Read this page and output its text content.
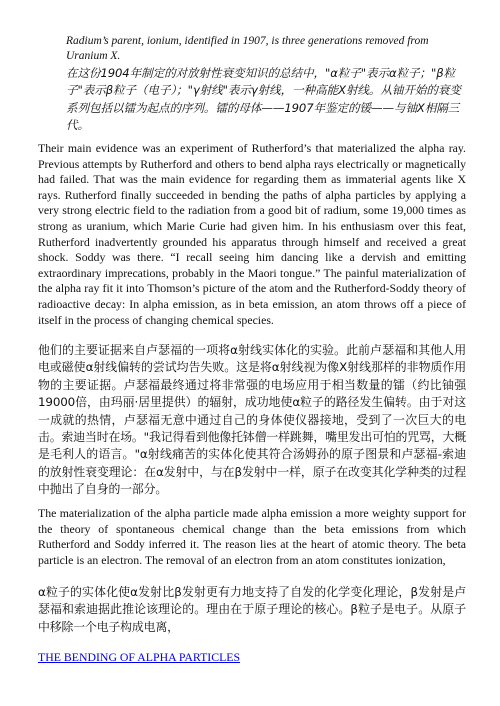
Radium’s parent, ionium, identified in 1907, is three generations removed from Uranium X.

在这份1904年制定的对放射性衰变知识的总结中，"α粒子"表示α粒子；"β粒子"表示β粒子（电子）；"γ射线"表示γ射线，一种高能X射线。从铀开始的衰变系列包括以镭为起点的序列。镭的母体——1907年鉴定的锾——与铀X相隔三代。

Their main evidence was an experiment of Rutherford’s that materialized the alpha ray. Previous attempts by Rutherford and others to bend alpha rays electrically or magnetically had failed. That was the main evidence for regarding them as immaterial agents like X rays. Rutherford finally succeeded in bending the paths of alpha particles by applying a very strong electric field to the radiation from a good bit of radium, some 19,000 times as strong as uranium, which Marie Curie had given him. In his enthusiasm over this feat, Rutherford inadvertently grounded his apparatus through himself and received a great shock. Soddy was there. “I recall seeing him dancing like a dervish and emitting extraordinary imprecations, probably in the Maori tongue.” The painful materialization of the alpha ray fit it into Thomson’s picture of the atom and the Rutherford-Soddy theory of radioactive decay: In alpha emission, as in beta emission, an atom throws off a piece of itself in the process of changing chemical species.

他们的主要证据来自卢瑟福的一项将α射线实体化的实验。此前卢瑟福和其他人用电或磁使α射线偏转的尝试均告失败。这是将α射线视为像X射线那样的非物质作用物的主要证据。卢瑟福最终通过将非常强的电场应用于相当数量的镭（约比铀强19000倍，由玛丽·居里提供）的辐射，成功地使α粒子的路径发生偏转。由于对这一成就的热情，卢瑟福无意中通过自己的身体使仪器接地，受到了一次巨大的电击。索迪当时在场。"我记得看到他像托钵僧一样跳舞，嘴里发出可怕的咒骂，大概是毛利人的语言。"α射线痛苦的实体化使其符合汤姆孙的原子图景和卢瑟福-索迪的放射性衰变理论：在α发射中，与在β发射中一样，原子在改变其化学种类的过程中抛出了自身的一部分。

The materialization of the alpha particle made alpha emission a more weighty support for the theory of spontaneous chemical change than the beta emissions from which Rutherford and Soddy inferred it. The reason lies at the heart of atomic theory. The beta particle is an electron. The removal of an electron from an atom constitutes ionization,

α粒子的实体化使α发射比β发射更有力地支持了自发的化学变化理论，β发射是卢瑟福和索迪据此推论该理论的。理由在于原子理论的核心。β粒子是电子。从原子中移除一个电子构成电离，

THE BENDING OF ALPHA PARTICLES
